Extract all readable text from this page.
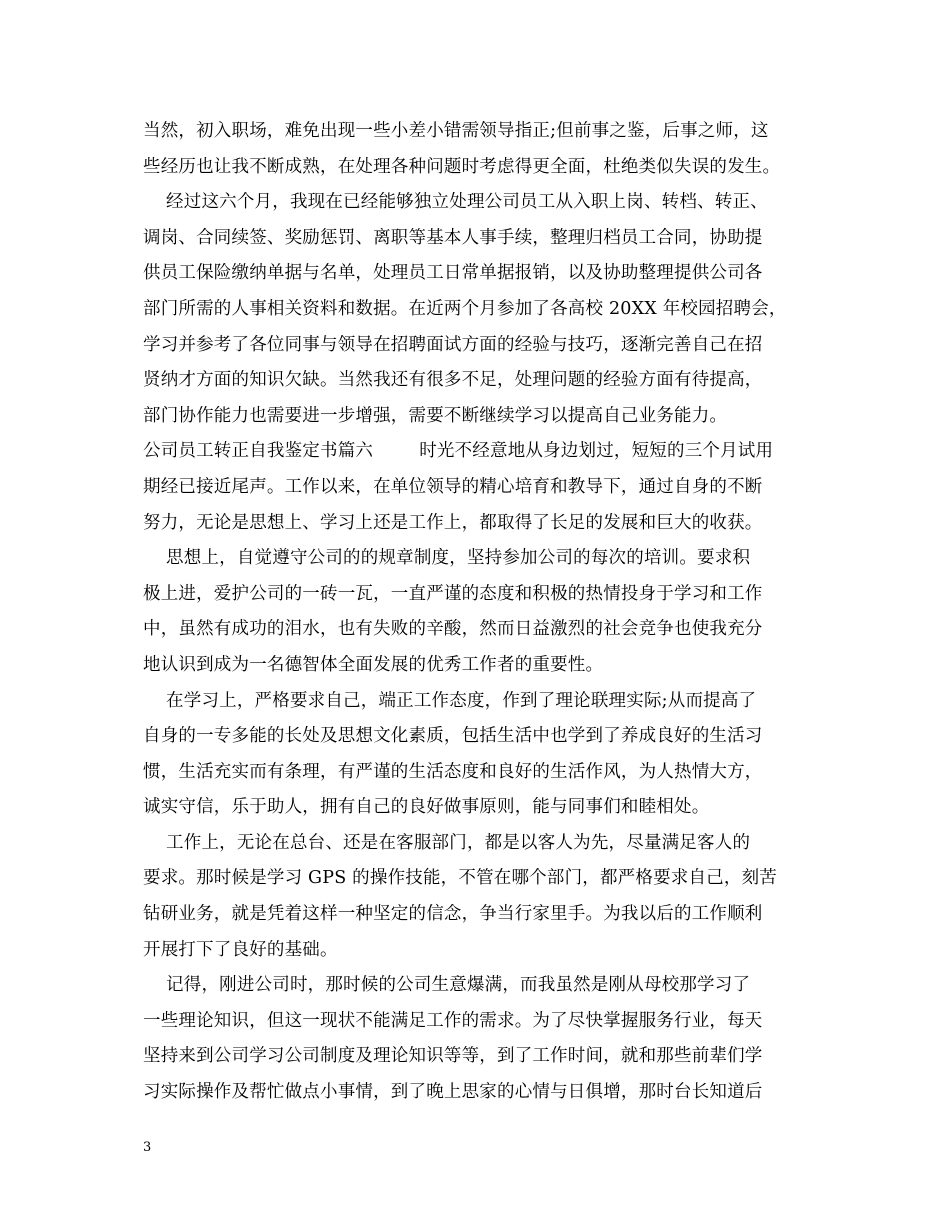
当然，初入职场，难免出现一些小差小错需领导指正;但前事之鉴，后事之师，这
些经历也让我不断成熟，在处理各种问题时考虑得更全面，杜绝类似失误的发生。
经过这六个月，我现在已经能够独立处理公司员工从入职上岗、转档、转正、
调岗、合同续签、奖励惩罚、离职等基本人事手续，整理归档员工合同，协助提
供员工保险缴纳单据与名单，处理员工日常单据报销，以及协助整理提供公司各
部门所需的人事相关资料和数据。在近两个月参加了各高校 20XX 年校园招聘会，
学习并参考了各位同事与领导在招聘面试方面的经验与技巧，逐渐完善自己在招
贤纳才方面的知识欠缺。当然我还有很多不足，处理问题的经验方面有待提高，
部门协作能力也需要进一步增强，需要不断继续学习以提高自己业务能力。
公司员工转正自我鉴定书篇六        时光不经意地从身边划过，短短的三个月试用
期经已接近尾声。工作以来，在单位领导的精心培育和教导下，通过自身的不断
努力，无论是思想上、学习上还是工作上，都取得了长足的发展和巨大的收获。
思想上，自觉遵守公司的的规章制度，坚持参加公司的每次的培训。要求积
极上进，爱护公司的一砖一瓦，一直严谨的态度和积极的热情投身于学习和工作
中，虽然有成功的泪水，也有失败的辛酸，然而日益激烈的社会竞争也使我充分
地认识到成为一名德智体全面发展的优秀工作者的重要性。
在学习上，严格要求自己，端正工作态度，作到了理论联理实际;从而提高了
自身的一专多能的长处及思想文化素质，包括生活中也学到了养成良好的生活习
惯，生活充实而有条理，有严谨的生活态度和良好的生活作风，为人热情大方，
诚实守信，乐于助人，拥有自己的良好做事原则，能与同事们和睦相处。
工作上，无论在总台、还是在客服部门，都是以客人为先，尽量满足客人的
要求。那时候是学习 GPS 的操作技能，不管在哪个部门，都严格要求自己，刻苦
钻研业务，就是凭着这样一种坚定的信念，争当行家里手。为我以后的工作顺利
开展打下了良好的基础。
记得，刚进公司时，那时候的公司生意爆满，而我虽然是刚从母校那学习了
一些理论知识，但这一现状不能满足工作的需求。为了尽快掌握服务行业，每天
坚持来到公司学习公司制度及理论知识等等，到了工作时间，就和那些前辈们学
习实际操作及帮忙做点小事情，到了晚上思家的心情与日俱增，那时台长知道后
3
